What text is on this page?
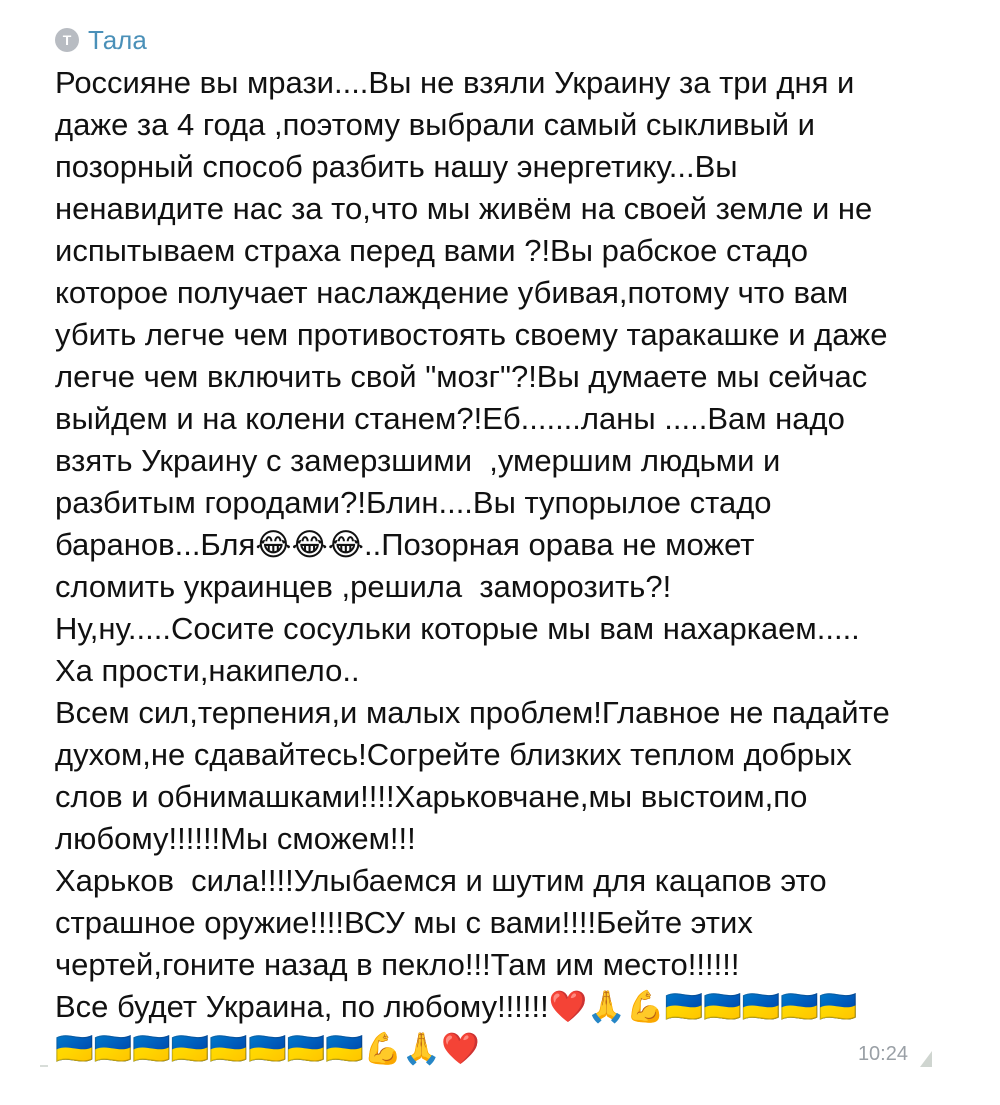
Т Тала
Россияне вы мрази....Вы не взяли Украину за три дня и
даже за 4 года ,поэтому выбрали самый сыкливый и
позорный способ разбить нашу энергетику...Вы
ненавидите нас за то,что мы живём на своей земле и не
испытываем страха перед вами ?!Вы рабское стадо
которое получает наслаждение убивая,потому что вам
убить легче чем противостоять своему таракашке и даже
легче чем включить свой "мозг"?!Вы думаете мы сейчас
выйдем и на колени станем?!Еб.......ланы .....Вам надо
взять Украину с замерзшими  ,умершим людьми и
разбитым городами?!Блин....Вы тупорылое стадо
баранов...Бля😂😂😂..Позорная орава не может
сломить украинцев ,решила  заморозить?!
Ну,ну.....Сосите сосульки которые мы вам нахаркаем.....
Ха прости,накипело..
Всем сил,терпения,и малых проблем!Главное не падайте
духом,не сдавайтесь!Согрейте близких теплом добрых
слов и обнимашками!!!!Харьковчане,мы выстоим,по
любому!!!!!!Мы сможем!!!
Харьков  сила!!!!Улыбаемся и шутим для кацапов это
страшное оружие!!!!ВСУ мы с вами!!!!Бейте этих
чертей,гоните назад в пекло!!!Там им место!!!!!!
Все будет Украина, по любому!!!!!!❤️🙏💪🇺🇦🇺🇦🇺🇦🇺🇦🇺🇦
🇺🇦🇺🇦🇺🇦🇺🇦🇺🇦🇺🇦🇺🇦🇺🇦💪🙏❤️	10:24
